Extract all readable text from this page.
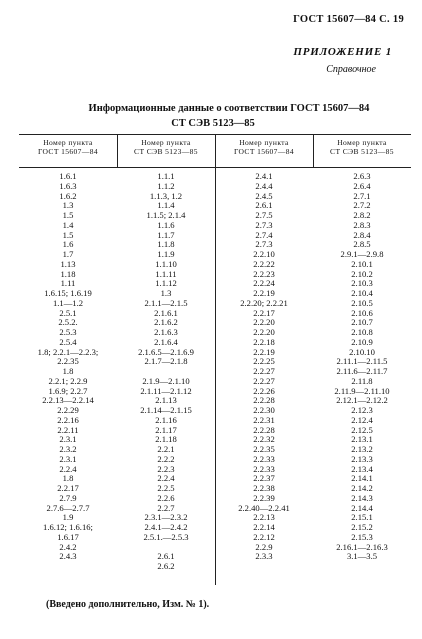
ГОСТ 15607—84 С. 19
ПРИЛОЖЕНИЕ 1
Справочное
Информационные данные о соответствии ГОСТ 15607—84
СТ СЭВ 5123—85
Номер пункта
ГОСТ 15607—84
Номер пункта
СТ СЭВ 5123—85
Номер пункта
ГОСТ 15607—84
Номер пункта
СТ СЭВ 5123—85
1.6.1
1.6.3
1.6.2
1.3
1.5
1.4
1.5
1.6
1.7
1.13
1.18
1.11
1.6.15; 1.6.19
1.1—1.2
2.5.1
2.5.2.
2.5.3
2.5.4
1.8; 2.2.1—2.2.3;
2.2.35
1.8
2.2.1; 2.2.9
1.6.9; 2.2.7
2.2.13—2.2.14
2.2.29
2.2.16
2.2.11
2.3.1
2.3.2
2.3.1
2.2.4
1.8
2.2.17
2.7.9
2.7.6—2.7.7
1.9
1.6.12; 1.6.16;
1.6.17
2.4.2
2.4.3
1.1.1
1.1.2
1.1.3, 1.2
1.1.4
1.1.5; 2.1.4
1.1.6
1.1.7
1.1.8
1.1.9
1.1.10
1.1.11
1.1.12
1.3
2.1.1—2.1.5
2.1.6.1
2.1.6.2
2.1.6.3
2.1.6.4
2.1.6.5—2.1.6.9
2.1.7—2.1.8
2.1.9—2.1.10
2.1.11—2.1.12
2.1.13
2.1.14—2.1.15
2.1.16
2.1.17
2.1.18
2.2.1
2.2.2
2.2.3
2.2.4
2.2.5
2.2.6
2.2.7
2.3.1—2.3.2
2.4.1—2.4.2
2.5.1.—2.5.3
2.6.1
2.6.2
2.4.1
2.4.4
2.4.5
2.6.1
2.7.5
2.7.3
2.7.4
2.7.3
2.2.10
2.2.22
2.2.23
2.2.24
2.2.19
2.2.20; 2.2.21
2.2.17
2.2.20
2.2.20
2.2.18
2.2.19
2.2.25
2.2.27
2.2.27
2.2.26
2.2.28
2.2.30
2.2.31
2.2.28
2.2.32
2.2.35
2.2.33
2.2.33
2.2.37
2.2.38
2.2.39
2.2.40—2.2.41
2.2.13
2.2.14
2.2.12
2.2.9
2.3.3
2.6.3
2.6.4
2.7.1
2.7.2
2.8.2
2.8.3
2.8.4
2.8.5
2.9.1—2.9.8
2.10.1
2.10.2
2.10.3
2.10.4
2.10.5
2.10.6
2.10.7
2.10.8
2.10.9
2.10.10
2.11.1—2.11.5
2.11.6—2.11.7
2.11.8
2.11.9—2.11.10
2.12.1—2.12.2
2.12.3
2.12.4
2.12.5
2.13.1
2.13.2
2.13.3
2.13.4
2.14.1
2.14.2
2.14.3
2.14.4
2.15.1
2.15.2
2.15.3
2.16.1—2.16.3
3.1—3.5
(Введено дополнительно, Изм. № 1).
